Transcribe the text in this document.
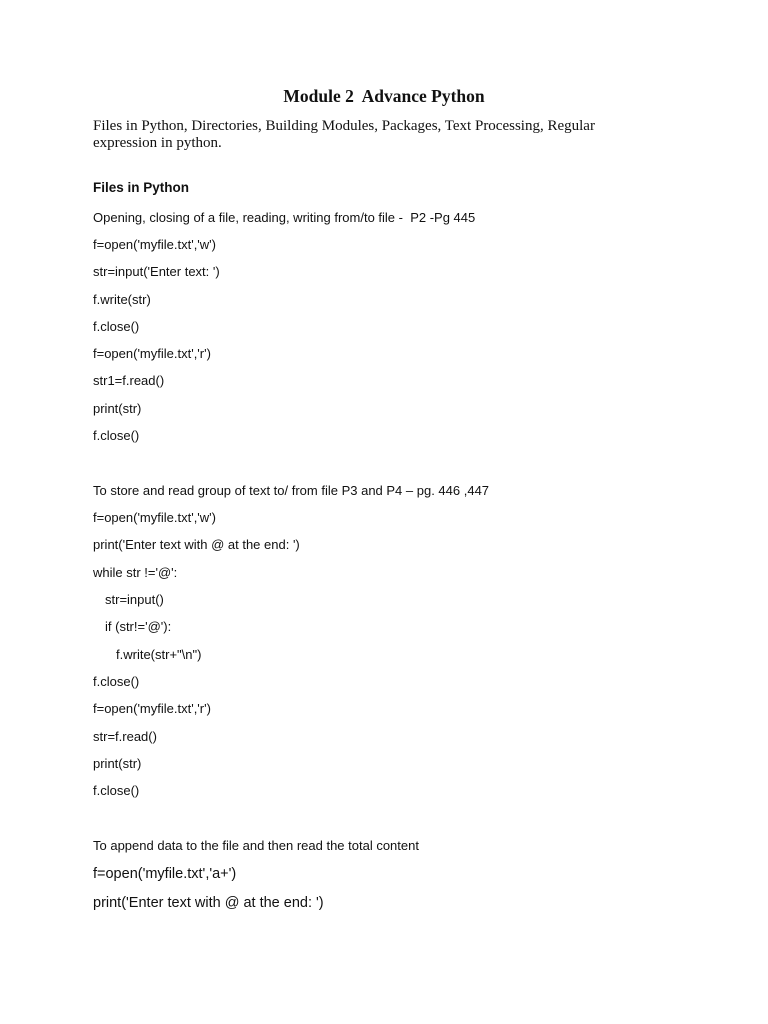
Module 2  Advance Python

Files in Python, Directories, Building Modules, Packages, Text Processing, Regular expression in python.

Files in Python

Opening, closing of a file, reading, writing from/to file -  P2 -Pg 445

f=open('myfile.txt','w')

str=input('Enter text: ')

f.write(str)

f.close()

f=open('myfile.txt','r')

str1=f.read()

print(str)

f.close()

To store and read group of text to/ from file P3 and P4 – pg. 446 ,447

f=open('myfile.txt','w')

print('Enter text with @ at the end: ')

while str !='@':

str=input()

if (str!='@'):

f.write(str+"\n")

f.close()

f=open('myfile.txt','r')

str=f.read()

print(str)

f.close()

To append data to the file and then read the total content

f=open('myfile.txt','a+')

print('Enter text with @ at the end: ')
